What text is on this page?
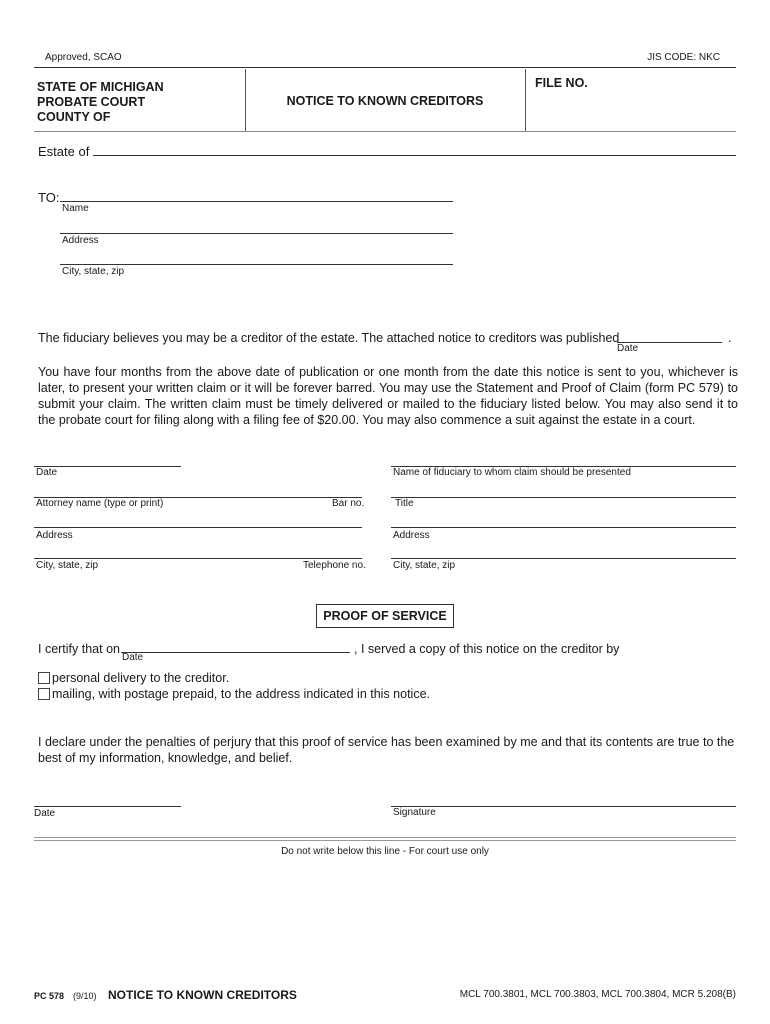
Approved, SCAO	JIS CODE: NKC
STATE OF MICHIGAN
PROBATE COURT
COUNTY OF
NOTICE TO KNOWN CREDITORS
FILE NO.
Estate of
TO:
Name
Address
City, state, zip
The fiduciary believes you may be a creditor of the estate. The attached notice to creditors was published	.
Date
You have four months from the above date of publication or one month from the date this notice is sent to you, whichever is later, to present your written claim or it will be forever barred. You may use the Statement and Proof of Claim (form PC 579) to submit your claim. The written claim must be timely delivered or mailed to the fiduciary listed below. You may also send it to the probate court for filing along with a filing fee of $20.00. You may also commence a suit against the estate in a court.
Date	Name of fiduciary to whom claim should be presented
Attorney name (type or print)	Bar no.	Title
Address	Address
City, state, zip	Telephone no.	City, state, zip
PROOF OF SERVICE
I certify that on
Date
, I served a copy of this notice on the creditor by
personal delivery to the creditor.
mailing, with postage prepaid, to the address indicated in this notice.
I declare under the penalties of perjury that this proof of service has been examined by me and that its contents are true to the best of my information, knowledge, and belief.
Date	Signature
Do not write below this line - For court use only
PC 578 (9/10) NOTICE TO KNOWN CREDITORS	MCL 700.3801, MCL 700.3803, MCL 700.3804, MCR 5.208(B)
